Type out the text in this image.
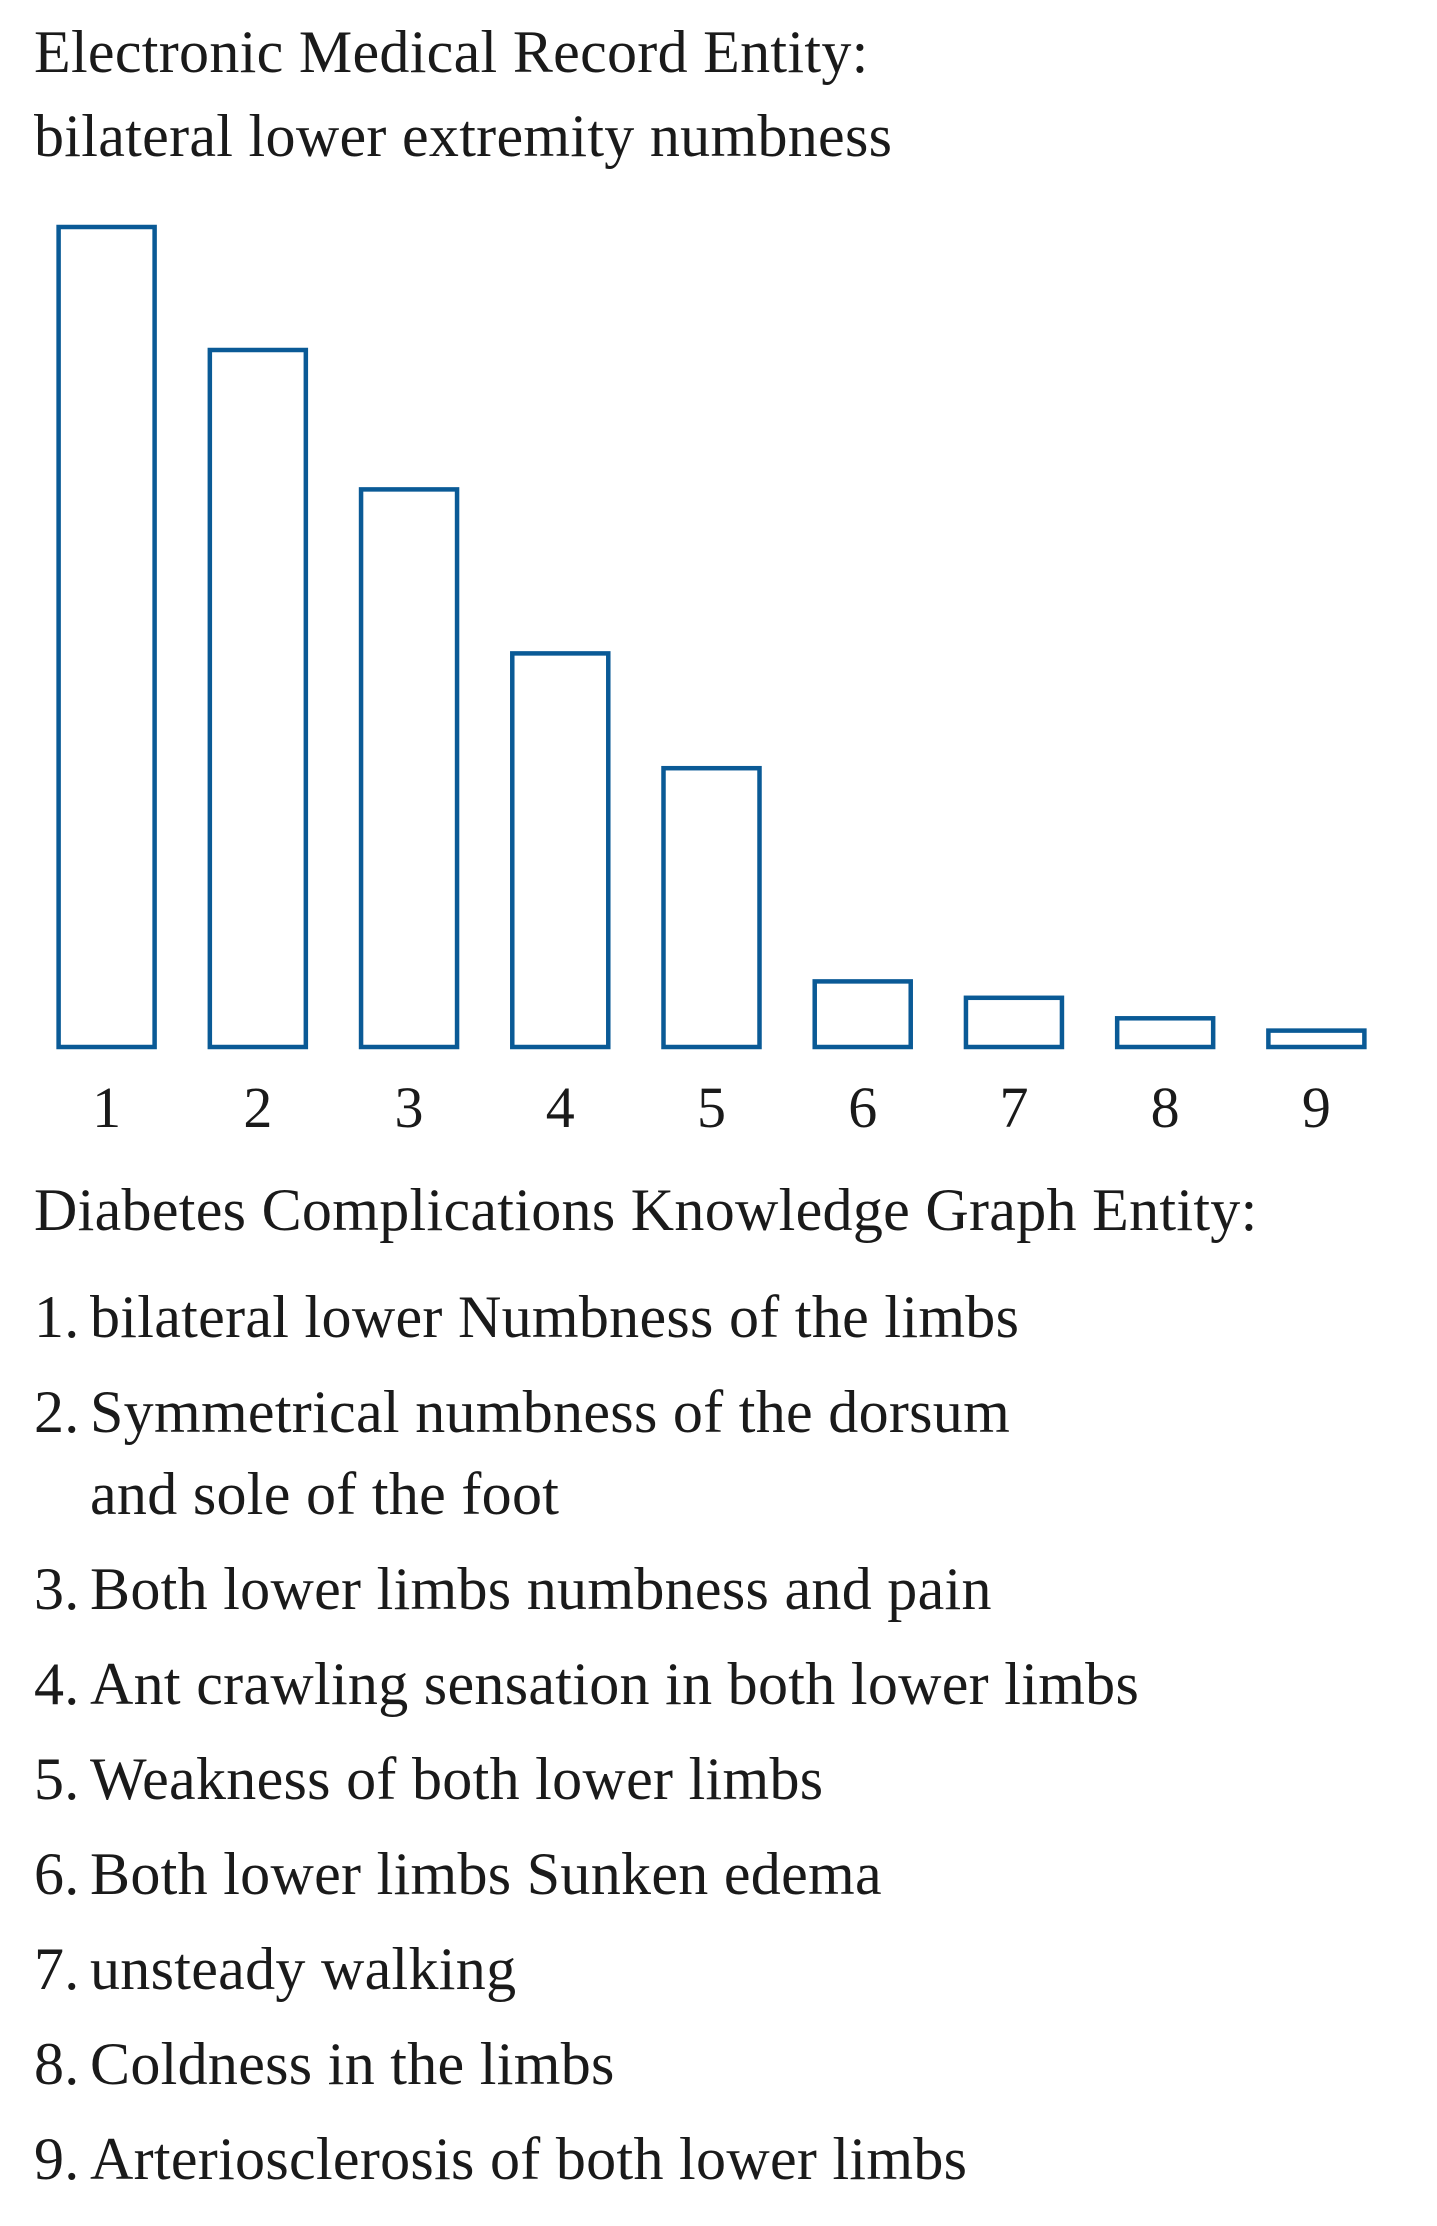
Electronic Medical Record Entity:
bilateral lower extremity numbness
1 2 3 4 5 6 7 8 9
Diabetes Complications Knowledge Graph Entity:
1. bilateral lower Numbness of the limbs
2. Symmetrical numbness of the dorsum
and sole of the foot
3. Both lower limbs numbness and pain
4. Ant crawling sensation in both lower limbs
5. Weakness of both lower limbs
6. Both lower limbs Sunken edema
7. unsteady walking
8. Coldness in the limbs
9. Arteriosclerosis of both lower limbs
